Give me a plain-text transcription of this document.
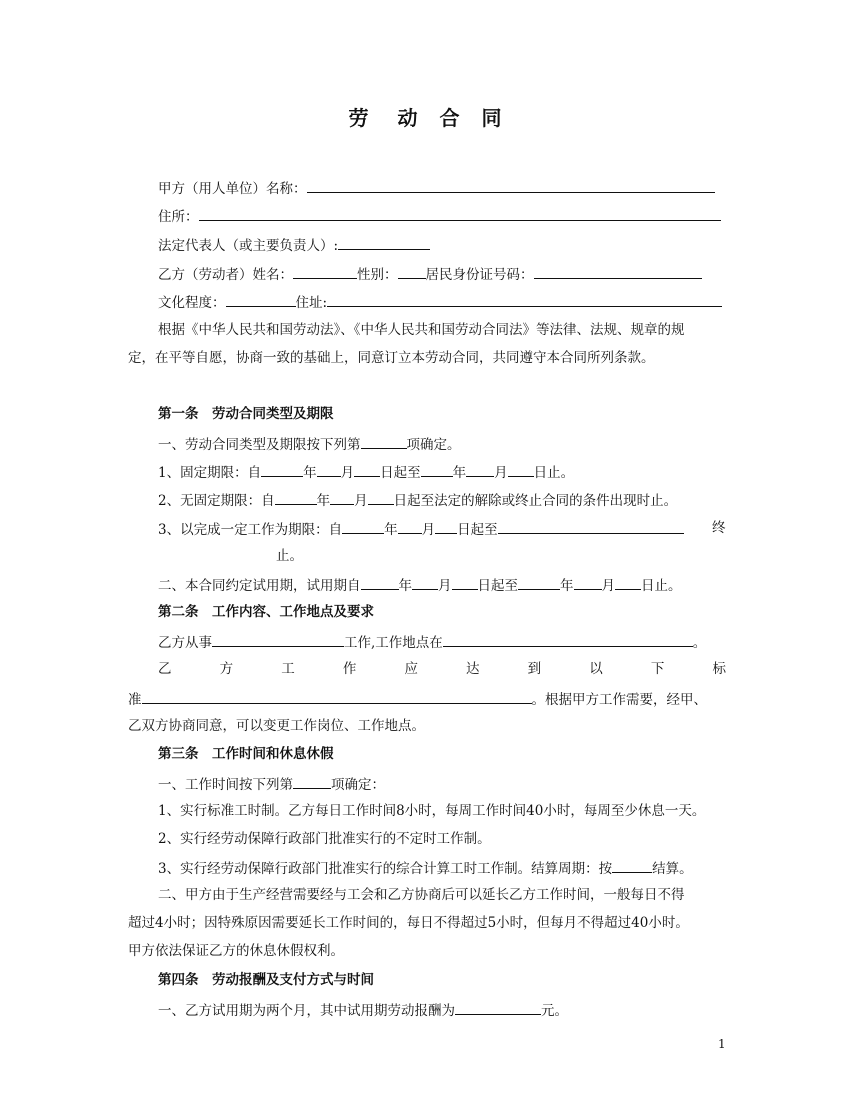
劳 动 合 同
甲方（用人单位）名称：
住所：
法定代表人（或主要负责人）:
乙方（劳动者）姓名：	性别： 居民身份证号码：
文化程度：	住址:
根据《中华人民共和国劳动法》、《中华人民共和国劳动合同法》等法律、法规、规章的规
定，在平等自愿，协商一致的基础上，同意订立本劳动合同，共同遵守本合同所列条款。
第一条　劳动合同类型及期限
一、劳动合同类型及期限按下列第	项确定。
1、固定期限：自	年 月 日起至 年 月 日止。
2、无固定期限：自	年 月 日起至法定的解除或终止合同的条件出现时止。
3、以完成一定工作为期限：自	年 月 日起至	终
止。
二、本合同约定试用期，试用期自	年 月 日起至	年 月 日止。
第二条　工作内容、工作地点及要求
乙方从事	工作,工作地点在	。
乙	方	工	作	应	达	到	以	下	标
准	。根据甲方工作需要，经甲、
乙双方协商同意，可以变更工作岗位、工作地点。
第三条　工作时间和休息休假
一、工作时间按下列第	项确定：
1、实行标准工时制。乙方每日工作时间8小时，每周工作时间40小时，每周至少休息一天。
2、实行经劳动保障行政部门批准实行的不定时工作制。
3、实行经劳动保障行政部门批准实行的综合计算工时工作制。结算周期：按	结算。
二、甲方由于生产经营需要经与工会和乙方协商后可以延长乙方工作时间，一般每日不得
超过4小时；因特殊原因需要延长工作时间的，每日不得超过5小时，但每月不得超过40小时。
甲方依法保证乙方的休息休假权利。
第四条　劳动报酬及支付方式与时间
一、乙方试用期为两个月，其中试用期劳动报酬为	元。
1
